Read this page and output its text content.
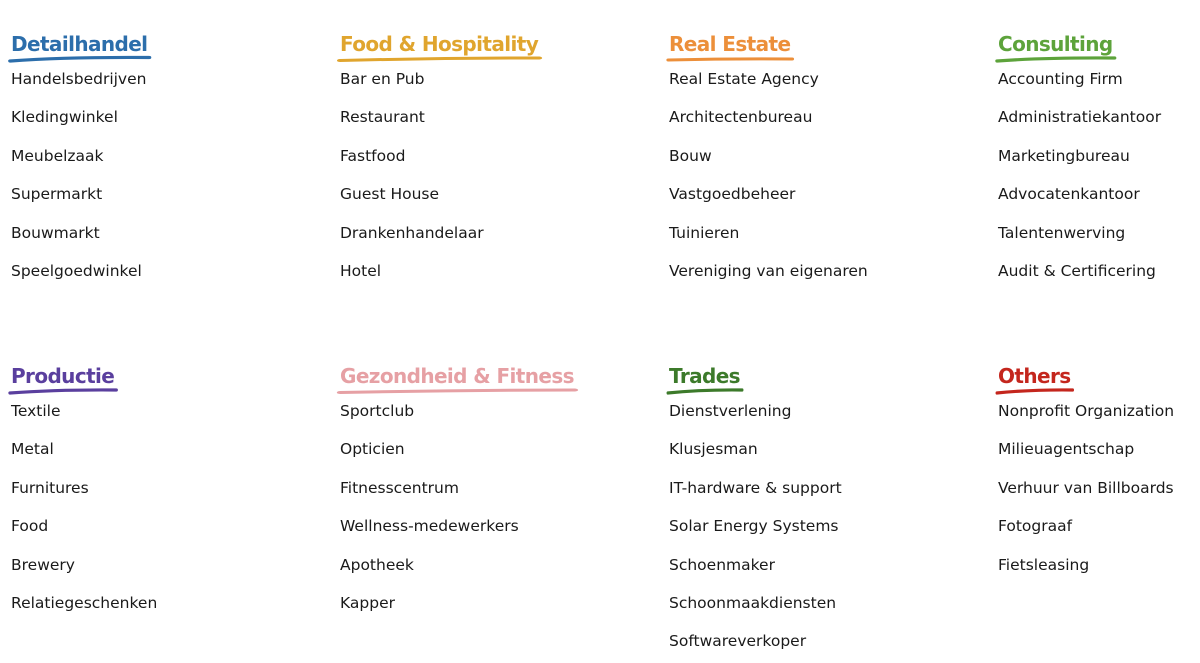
Detailhandel
Handelsbedrijven
Kledingwinkel
Meubelzaak
Supermarkt
Bouwmarkt
Speelgoedwinkel
Food & Hospitality
Bar en Pub
Restaurant
Fastfood
Guest House
Drankenhandelaar
Hotel
Real Estate
Real Estate Agency
Architectenbureau
Bouw
Vastgoedbeheer
Tuinieren
Vereniging van eigenaren
Consulting
Accounting Firm
Administratiekantoor
Marketingbureau
Advocatenkantoor
Talentenwerving
Audit & Certificering
Productie
Textile
Metal
Furnitures
Food
Brewery
Relatiegeschenken
Gezondheid & Fitness
Sportclub
Opticien
Fitnesscentrum
Wellness-medewerkers
Apotheek
Kapper
Trades
Dienstverlening
Klusjesman
IT-hardware & support
Solar Energy Systems
Schoenmaker
Schoonmaakdiensten
Softwareverkoper
Others
Nonprofit Organization
Milieuagentschap
Verhuur van Billboards
Fotograaf
Fietsleasing
